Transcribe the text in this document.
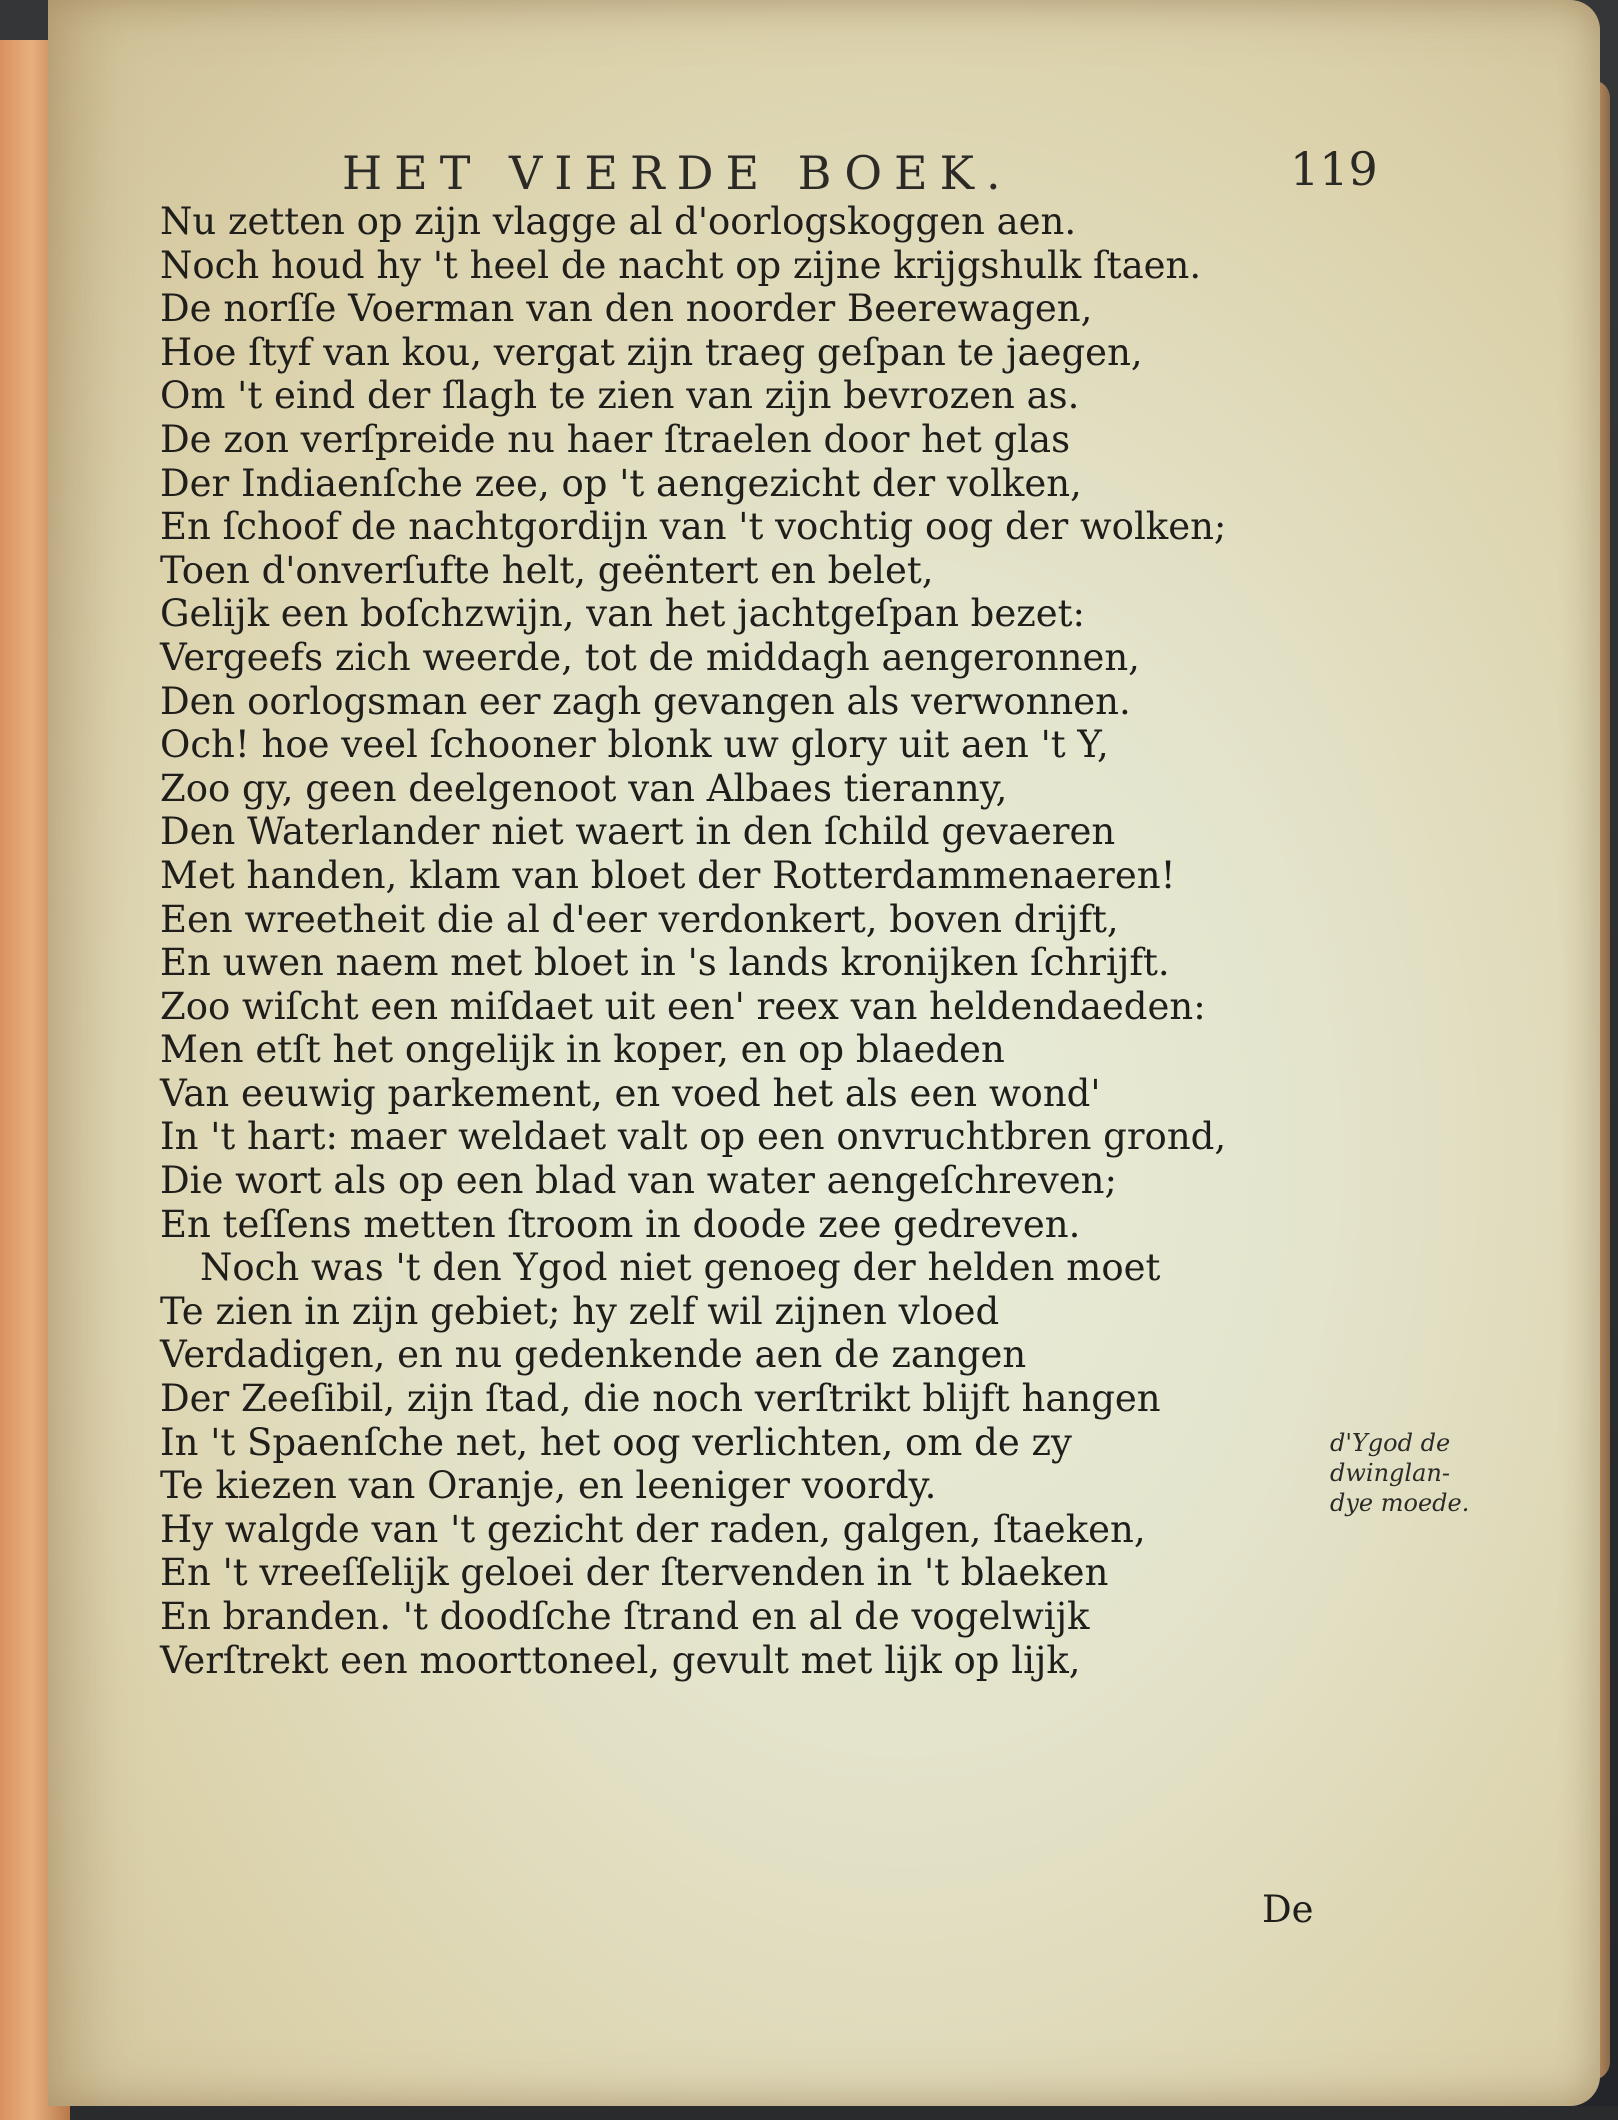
HET VIERDE BOEK.	119
Nu zetten op zijn vlagge al d'oorlogskoggen aen.
Noch houd hy 't heel de nacht op zijne krijgshulk ſtaen.
De norſſe Voerman van den noorder Beerewagen,
Hoe ſtyf van kou, vergat zijn traeg geſpan te jaegen,
Om 't eind der ſlagh te zien van zijn bevrozen as.
De zon verſpreide nu haer ſtraelen door het glas
Der Indiaenſche zee, op 't aengezicht der volken,
En ſchoof de nachtgordijn van 't vochtig oog der wolken;
Toen d'onverſufte helt, geëntert en belet,
Gelijk een boſchzwijn, van het jachtgeſpan bezet:
Vergeefs zich weerde, tot de middagh aengeronnen,
Den oorlogsman eer zagh gevangen als verwonnen.
Och! hoe veel ſchooner blonk uw glory uit aen 't Y,
Zoo gy, geen deelgenoot van Albaes tieranny,
Den Waterlander niet waert in den ſchild gevaeren
Met handen, klam van bloet der Rotterdammenaeren!
Een wreetheit die al d'eer verdonkert, boven drijft,
En uwen naem met bloet in 's lands kronijken ſchrijft.
Zoo wiſcht een miſdaet uit een' reex van heldendaeden:
Men etſt het ongelijk in koper, en op blaeden
Van eeuwig parkement, en voed het als een wond'
In 't hart: maer weldaet valt op een onvruchtbren grond,
Die wort als op een blad van water aengeſchreven;
En teſſens metten ſtroom in doode zee gedreven.
Noch was 't den Ygod niet genoeg der helden moet
Te zien in zijn gebiet; hy zelf wil zijnen vloed
Verdadigen, en nu gedenkende aen de zangen
Der Zeeſibil, zijn ſtad, die noch verſtrikt blijft hangen
In 't Spaenſche net, het oog verlichten, om de zy
Te kiezen van Oranje, en leeniger voordy.
Hy walgde van 't gezicht der raden, galgen, ſtaeken,
En 't vreeſſelijk geloei der ſtervenden in 't blaeken
En branden. 't doodſche ſtrand en al de vogelwijk
Verſtrekt een moorttoneel, gevult met lijk op lijk,
d'Ygod de
dwinglan-
dye moede.
De
